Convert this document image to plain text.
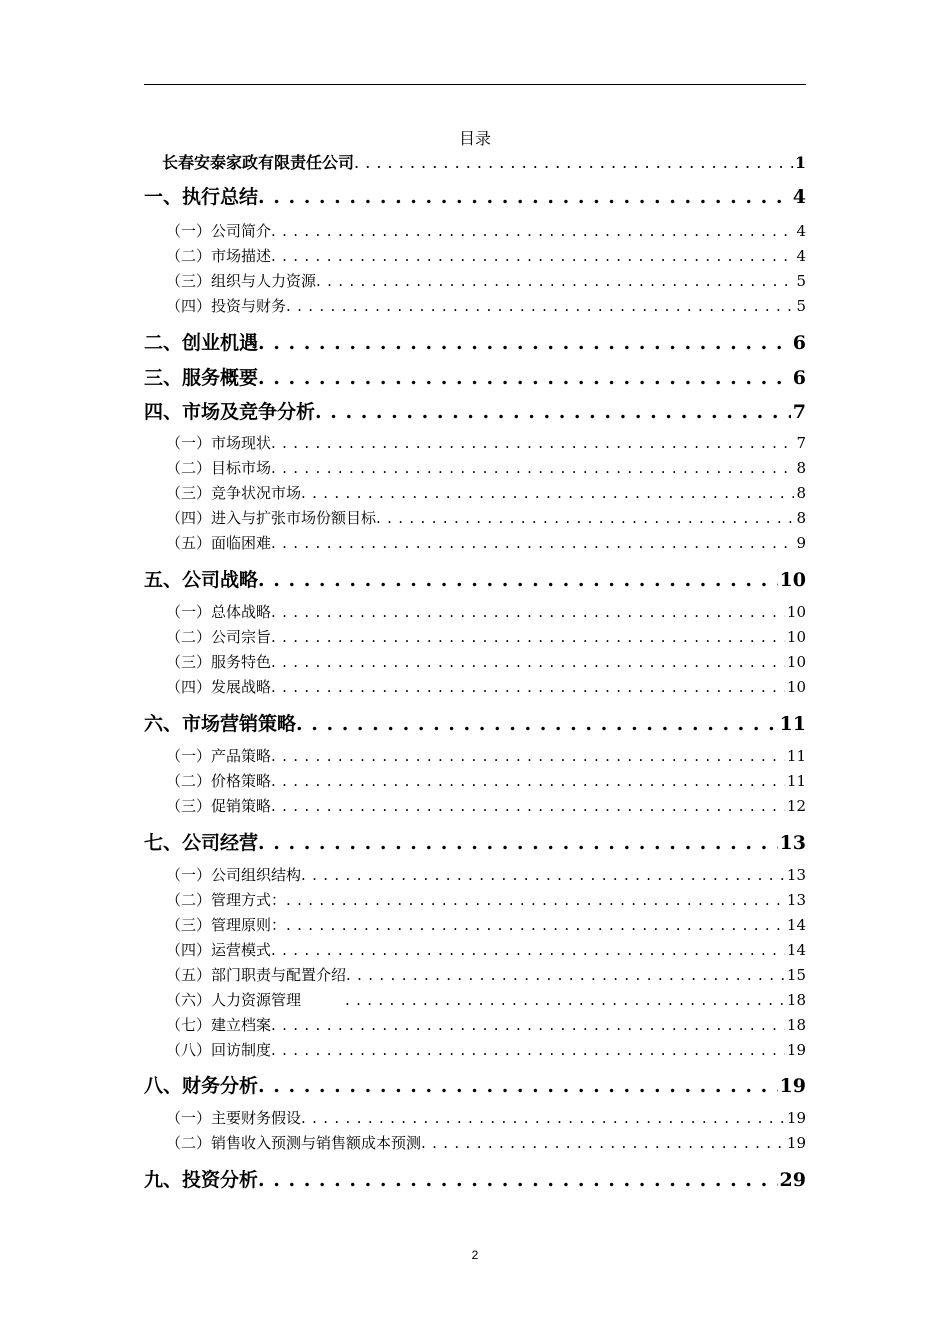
目录
长春安泰家政有限责任公司 . . .	1
一、执行总结 . . .	4
（一）公司简介 . . .	4
（二）市场描述 . . .	4
（三）组织与人力资源 . . .	5
（四）投资与财务 . . .	5
二、创业机遇 . . .	6
三、服务概要 . . .	6
四、市场及竞争分析 . . .	7
（一）市场现状 . . .	7
（二）目标市场 . . .	8
（三）竞争状况市场 . . .	8
（四）进入与扩张市场份额目标 . . .	8
（五）面临困难 . . .	9
五、公司战略 . . .	10
（一）总体战略 . . .	10
（二）公司宗旨 . . .	10
（三）服务特色 . . .	10
（四）发展战略 . . .	10
六、市场营销策略 . . .	11
（一）产品策略 . . .	11
（二）价格策略 . . .	11
（三）促销策略 . . .	12
七、公司经营 . . .	13
（一）公司组织结构 . . .	13
（二）管理方式： . . .	13
（三）管理原则： . . .	14
（四）运营模式 . . .	14
（五）部门职责与配置介绍 . . .	15
（六）人力资源管理 . . .	18
（七）建立档案 . . .	18
（八）回访制度 . . .	19
八、财务分析 . . .	19
（一）主要财务假设 . . .	19
（二）销售收入预测与销售额成本预测 . . .	19
九、投资分析 . . .	29
2
